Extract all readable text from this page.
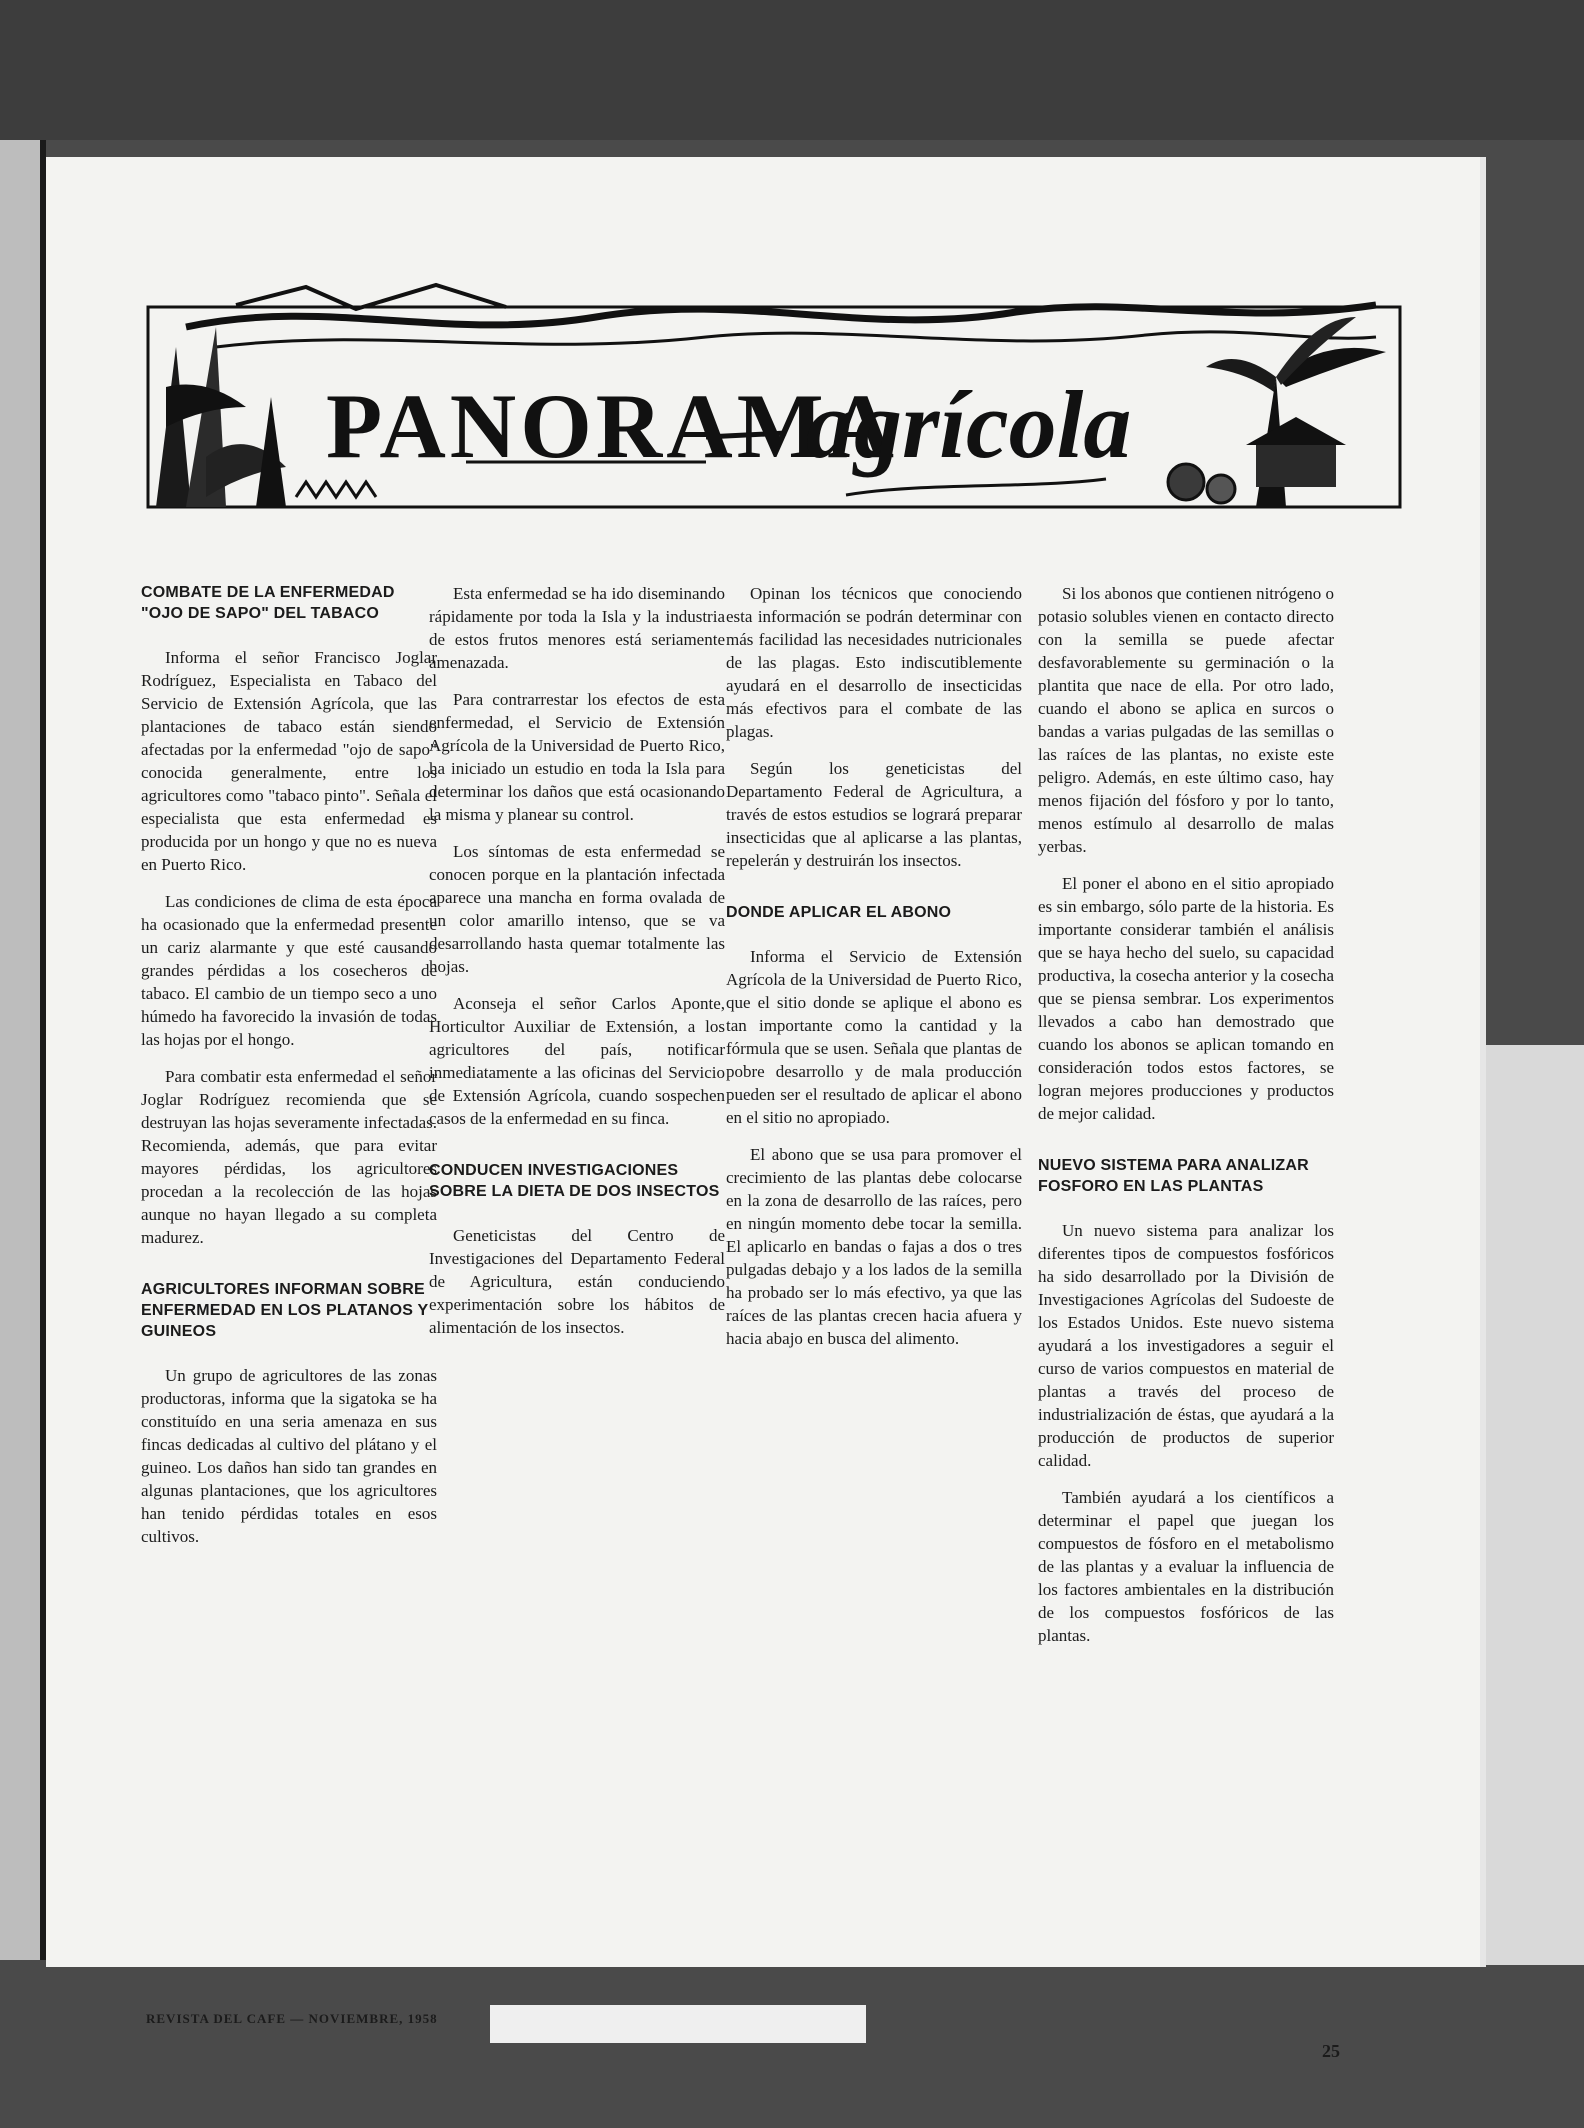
PANORAMA
agrícola
COMBATE DE LA ENFERMEDAD "OJO DE SAPO" DEL TABACO

Informa el señor Francisco Joglar Rodríguez, Especialista en Tabaco del Servicio de Extensión Agrícola, que las plantaciones de tabaco están siendo afectadas por la enfermedad "ojo de sapo" conocida generalmente, entre los agricultores como "tabaco pinto". Señala el especialista que esta enfermedad es producida por un hongo y que no es nueva en Puerto Rico.

Las condiciones de clima de esta época ha ocasionado que la enfermedad presente un cariz alarmante y que esté causando grandes pérdidas a los cosecheros de tabaco. El cambio de un tiempo seco a uno húmedo ha favorecido la invasión de todas las hojas por el hongo.

Para combatir esta enfermedad el señor Joglar Rodríguez recomienda que se destruyan las hojas severamente infectadas. Recomienda, además, que para evitar mayores pérdidas, los agricultores procedan a la recolección de las hojas aunque no hayan llegado a su completa madurez.

AGRICULTORES INFORMAN SOBRE ENFERMEDAD EN LOS PLATANOS Y GUINEOS

Un grupo de agricultores de las zonas productoras, informa que la sigatoka se ha constituído en una seria amenaza en sus fincas dedicadas al cultivo del plátano y el guineo. Los daños han sido tan grandes en algunas plantaciones, que los agricultores han tenido pérdidas totales en esos cultivos.

Esta enfermedad se ha ido diseminando rápidamente por toda la Isla y la industria de estos frutos menores está seriamente amenazada.

Para contrarrestar los efectos de esta enfermedad, el Servicio de Extensión Agrícola de la Universidad de Puerto Rico, ha iniciado un estudio en toda la Isla para determinar los daños que está ocasionando la misma y planear su control.

Los síntomas de esta enfermedad se conocen porque en la plantación infectada aparece una mancha en forma ovalada de un color amarillo intenso, que se va desarrollando hasta quemar totalmente las hojas.

Aconseja el señor Carlos Aponte, Horticultor Auxiliar de Extensión, a los agricultores del país, notificar inmediatamente a las oficinas del Servicio de Extensión Agrícola, cuando sospechen casos de la enfermedad en su finca.

CONDUCEN INVESTIGACIONES SOBRE LA DIETA DE DOS INSECTOS

Geneticistas del Centro de Investigaciones del Departamento Federal de Agricultura, están conduciendo experimentación sobre los hábitos de alimentación de los insectos.

Opinan los técnicos que conociendo esta información se podrán determinar con más facilidad las necesidades nutricionales de las plagas. Esto indiscutiblemente ayudará en el desarrollo de insecticidas más efectivos para el combate de las plagas.

Según los geneticistas del Departamento Federal de Agricultura, a través de estos estudios se logrará preparar insecticidas que al aplicarse a las plantas, repelerán y destruirán los insectos.

DONDE APLICAR EL ABONO

Informa el Servicio de Extensión Agrícola de la Universidad de Puerto Rico, que el sitio donde se aplique el abono es tan importante como la cantidad y la fórmula que se usen. Señala que plantas de pobre desarrollo y de mala producción pueden ser el resultado de aplicar el abono en el sitio no apropiado.

El abono que se usa para promover el crecimiento de las plantas debe colocarse en la zona de desarrollo de las raíces, pero en ningún momento debe tocar la semilla. El aplicarlo en bandas o fajas a dos o tres pulgadas debajo y a los lados de la semilla ha probado ser lo más efectivo, ya que las raíces de las plantas crecen hacia afuera y hacia abajo en busca del alimento.

Si los abonos que contienen nitrógeno o potasio solubles vienen en contacto directo con la semilla se puede afectar desfavorablemente su germinación o la plantita que nace de ella. Por otro lado, cuando el abono se aplica en surcos o bandas a varias pulgadas de las semillas o las raíces de las plantas, no existe este peligro. Además, en este último caso, hay menos fijación del fósforo y por lo tanto, menos estímulo al desarrollo de malas yerbas.

El poner el abono en el sitio apropiado es sin embargo, sólo parte de la historia. Es importante considerar también el análisis que se haya hecho del suelo, su capacidad productiva, la cosecha anterior y la cosecha que se piensa sembrar. Los experimentos llevados a cabo han demostrado que cuando los abonos se aplican tomando en consideración todos estos factores, se logran mejores producciones y productos de mejor calidad.

NUEVO SISTEMA PARA ANALIZAR FOSFORO EN LAS PLANTAS

Un nuevo sistema para analizar los diferentes tipos de compuestos fosfóricos ha sido desarrollado por la División de Investigaciones Agrícolas del Sudoeste de los Estados Unidos. Este nuevo sistema ayudará a los investigadores a seguir el curso de varios compuestos en material de plantas a través del proceso de industrialización de éstas, que ayudará a la producción de productos de superior calidad.

También ayudará a los científicos a determinar el papel que juegan los compuestos de fósforo en el metabolismo de las plantas y a evaluar la influencia de los factores ambientales en la distribución de los compuestos fosfóricos de las plantas.

REVISTA DEL CAFE — NOVIEMBRE, 1958
25
